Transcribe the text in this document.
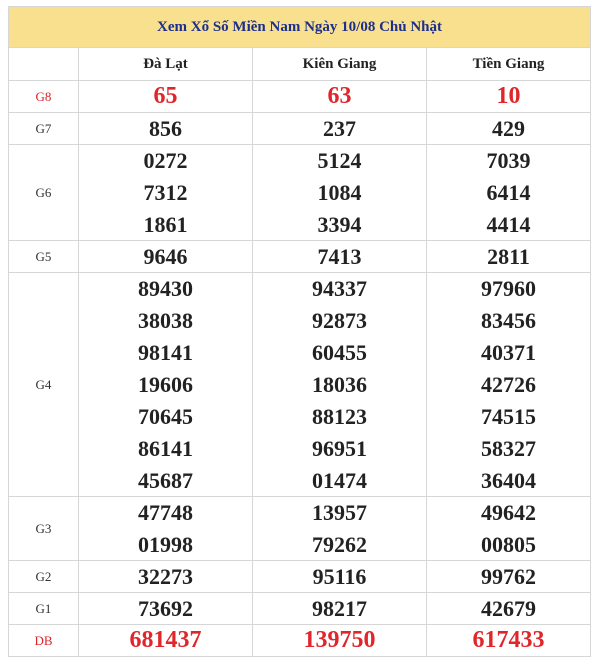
Xem Xổ Số Miền Nam Ngày 10/08 Chủ Nhật			
	Đà Lạt	Kiên Giang	Tiền Giang
G8	65	63	10
G7	856	237	429
G6	0272	5124	7039
	7312	1084	6414
	1861	3394	4414
G5	9646	7413	2811
G4	89430	94337	97960
	38038	92873	83456
	98141	60455	40371
	19606	18036	42726
	70645	88123	74515
	86141	96951	58327
	45687	01474	36404
G3	47748	13957	49642
	01998	79262	00805
G2	32273	95116	99762
G1	73692	98217	42679
DB	681437	139750	617433
